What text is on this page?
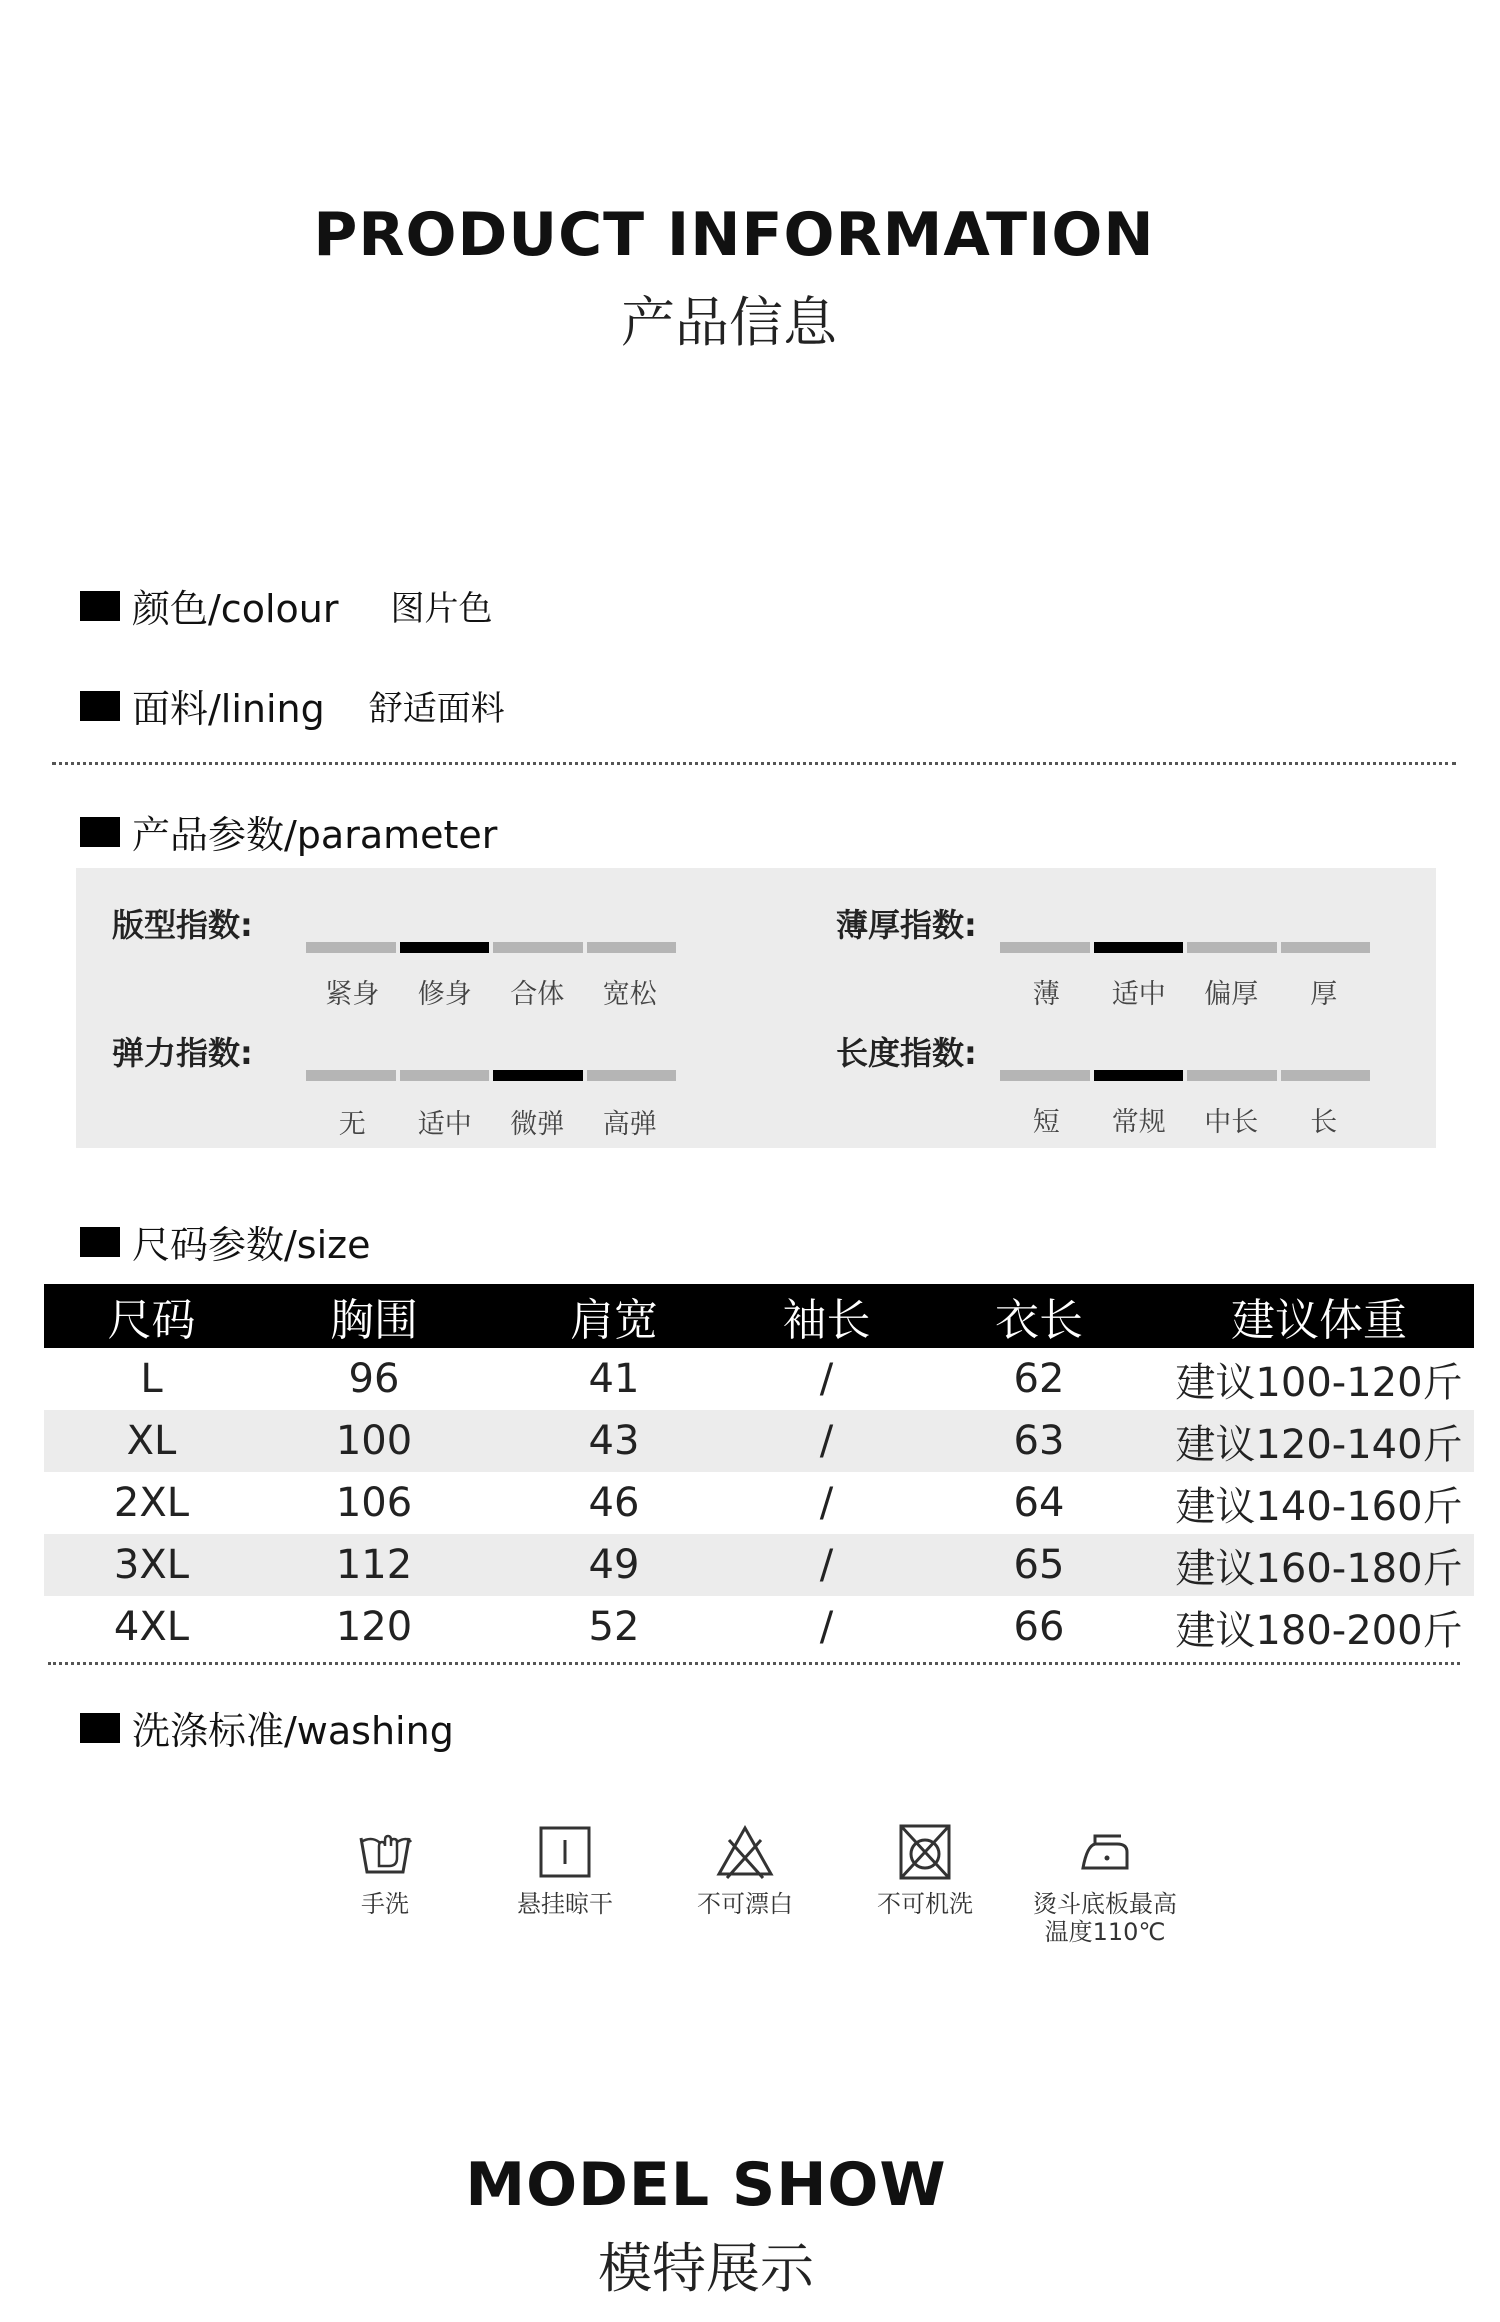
PRODUCT INFORMATION
产品信息
颜色/colour 图片色
面料/lining 舒适面料
产品参数/parameter
版型指数:
紧身	修身	合体	宽松
薄厚指数:
薄	适中	偏厚	厚
弹力指数:
无	适中	微弹	高弹
长度指数:
短	常规	中长	长
尺码参数/size
尺码	胸围	肩宽	袖长	衣长	建议体重
L	96	41	/	62	建议100-120斤
XL	100	43	/	63	建议120-140斤
2XL	106	46	/	64	建议140-160斤
3XL	112	49	/	65	建议160-180斤
4XL	120	52	/	66	建议180-200斤
洗涤标准/washing
手洗	悬挂晾干	不可漂白	不可机洗	烫斗底板最高
温度110℃
MODEL SHOW
模特展示
